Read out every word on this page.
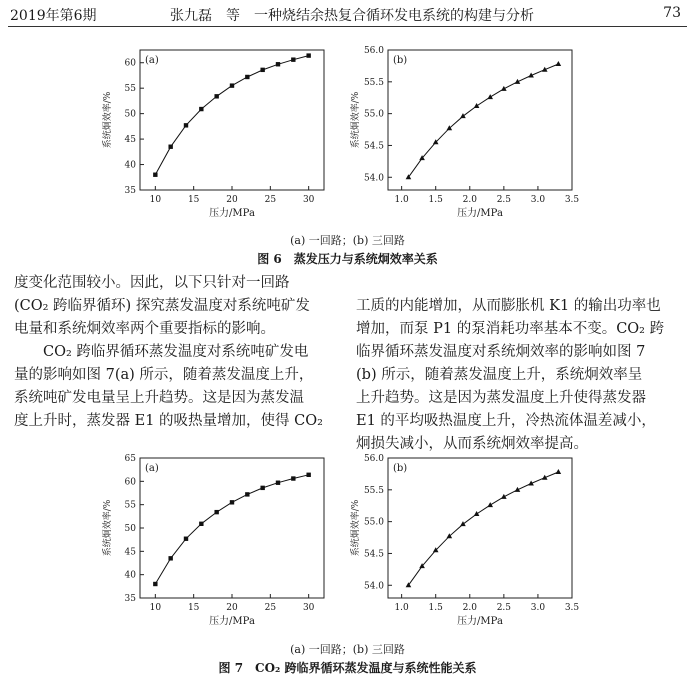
2019年第6期	张九磊　等　一种烧结余热复合循环发电系统的构建与分析	73
10	15	20	25	30
35
40
45
50
55
60 (a)
压力/MPa
系统炯效率/%
1.0 1.5 2.0 2.5 3.0 3.5
54.0
54.5
55.0
55.5
56.0
(b)
压力/MPa
系统炯效率/%
(a) 一回路；(b) 三回路
图 6　蒸发压力与系统炯效率关系

度变化范围较小。因此，以下只针对一回路

(CO₂ 跨临界循环) 探究蒸发温度对系统吨矿发

电量和系统炯效率两个重要指标的影响。

CO₂ 跨临界循环蒸发温度对系统吨矿发电

量的影响如图 7(a) 所示，随着蒸发温度上升，

系统吨矿发电量呈上升趋势。这是因为蒸发温

度上升时，蒸发器 E1 的吸热量增加，使得 CO₂

工质的内能增加，从而膨胀机 K1 的输出功率也

增加，而泵 P1 的泵消耗功率基本不变。CO₂ 跨

临界循环蒸发温度对系统炯效率的影响如图 7

(b) 所示，随着蒸发温度上升，系统炯效率呈

上升趋势。这是因为蒸发温度上升使得蒸发器

E1 的平均吸热温度上升，冷热流体温差减小，

炯损失减小，从而系统炯效率提高。

10	15	20	25	30
35
40
45
50
55
60
65
(a)
压力/MPa
系统炯效率/%
1.0 1.5 2.0 2.5 3.0 3.5
54.0
54.5
55.0
55.5
56.0
(b)
压力/MPa
系统炯效率/%
(a) 一回路；(b) 三回路
图 7　CO₂ 跨临界循环蒸发温度与系统性能关系
